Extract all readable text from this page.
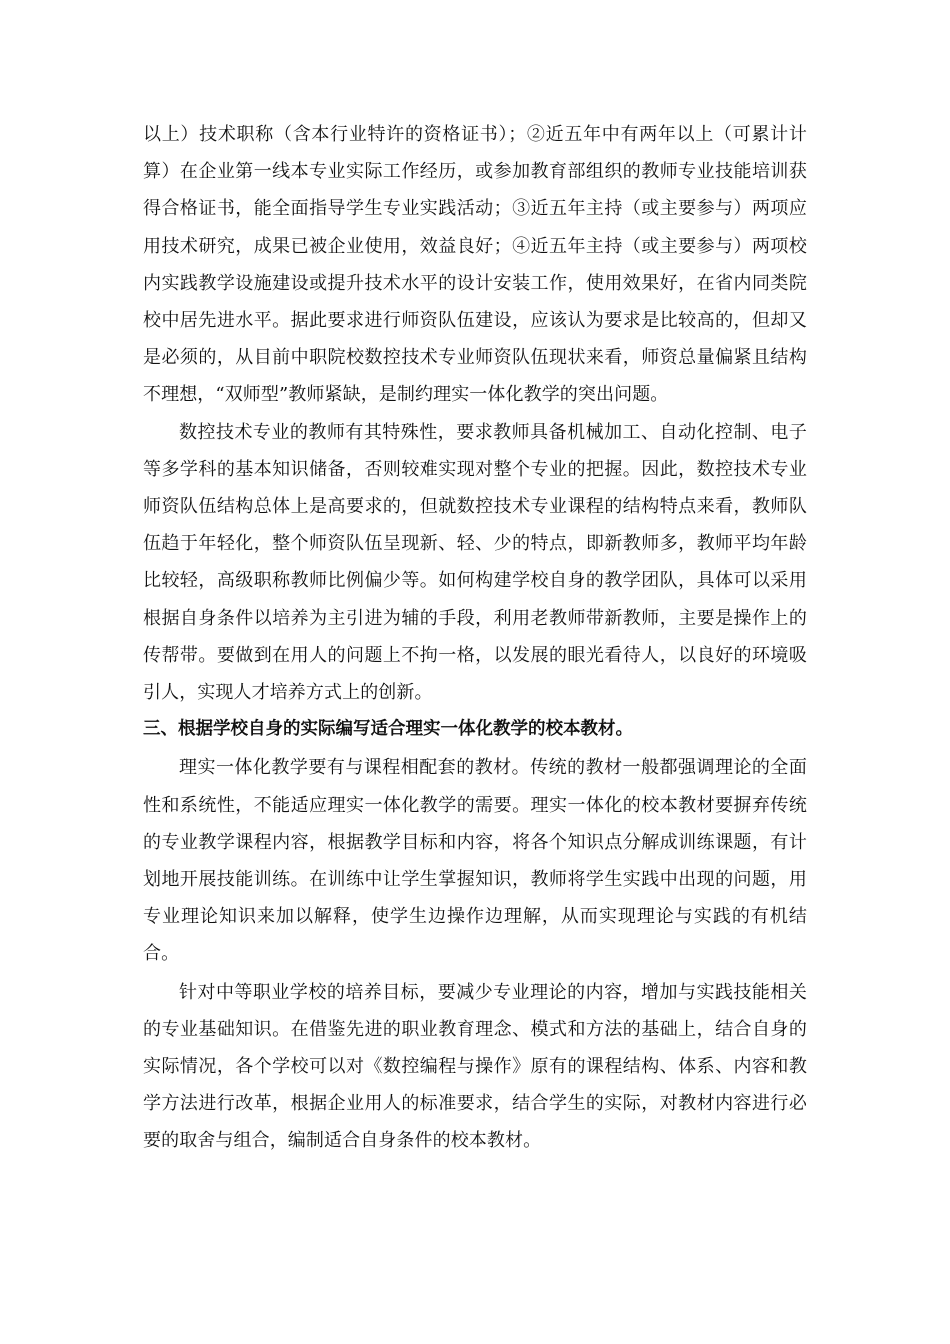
以上）技术职称（含本行业特许的资格证书）；②近五年中有两年以上（可累计计算）在企业第一线本专业实际工作经历，或参加教育部组织的教师专业技能培训获得合格证书，能全面指导学生专业实践活动；③近五年主持（或主要参与）两项应用技术研究，成果已被企业使用，效益良好；④近五年主持（或主要参与）两项校内实践教学设施建设或提升技术水平的设计安装工作，使用效果好，在省内同类院校中居先进水平。据此要求进行师资队伍建设，应该认为要求是比较高的，但却又是必须的，从目前中职院校数控技术专业师资队伍现状来看，师资总量偏紧且结构不理想，“双师型”教师紧缺，是制约理实一体化教学的突出问题。

数控技术专业的教师有其特殊性，要求教师具备机械加工、自动化控制、电子等多学科的基本知识储备，否则较难实现对整个专业的把握。因此，数控技术专业师资队伍结构总体上是高要求的，但就数控技术专业课程的结构特点来看，教师队伍趋于年轻化，整个师资队伍呈现新、轻、少的特点，即新教师多，教师平均年龄比较轻，高级职称教师比例偏少等。如何构建学校自身的教学团队，具体可以采用根据自身条件以培养为主引进为辅的手段，利用老教师带新教师，主要是操作上的传帮带。要做到在用人的问题上不拘一格，以发展的眼光看待人，以良好的环境吸引人，实现人才培养方式上的创新。

三、根据学校自身的实际编写适合理实一体化教学的校本教材。

理实一体化教学要有与课程相配套的教材。传统的教材一般都强调理论的全面性和系统性，不能适应理实一体化教学的需要。理实一体化的校本教材要摒弃传统的专业教学课程内容，根据教学目标和内容，将各个知识点分解成训练课题，有计划地开展技能训练。在训练中让学生掌握知识，教师将学生实践中出现的问题，用专业理论知识来加以解释，使学生边操作边理解，从而实现理论与实践的有机结合。

针对中等职业学校的培养目标，要减少专业理论的内容，增加与实践技能相关的专业基础知识。在借鉴先进的职业教育理念、模式和方法的基础上，结合自身的实际情况，各个学校可以对《数控编程与操作》原有的课程结构、体系、内容和教学方法进行改革，根据企业用人的标准要求，结合学生的实际，对教材内容进行必要的取舍与组合，编制适合自身条件的校本教材。
